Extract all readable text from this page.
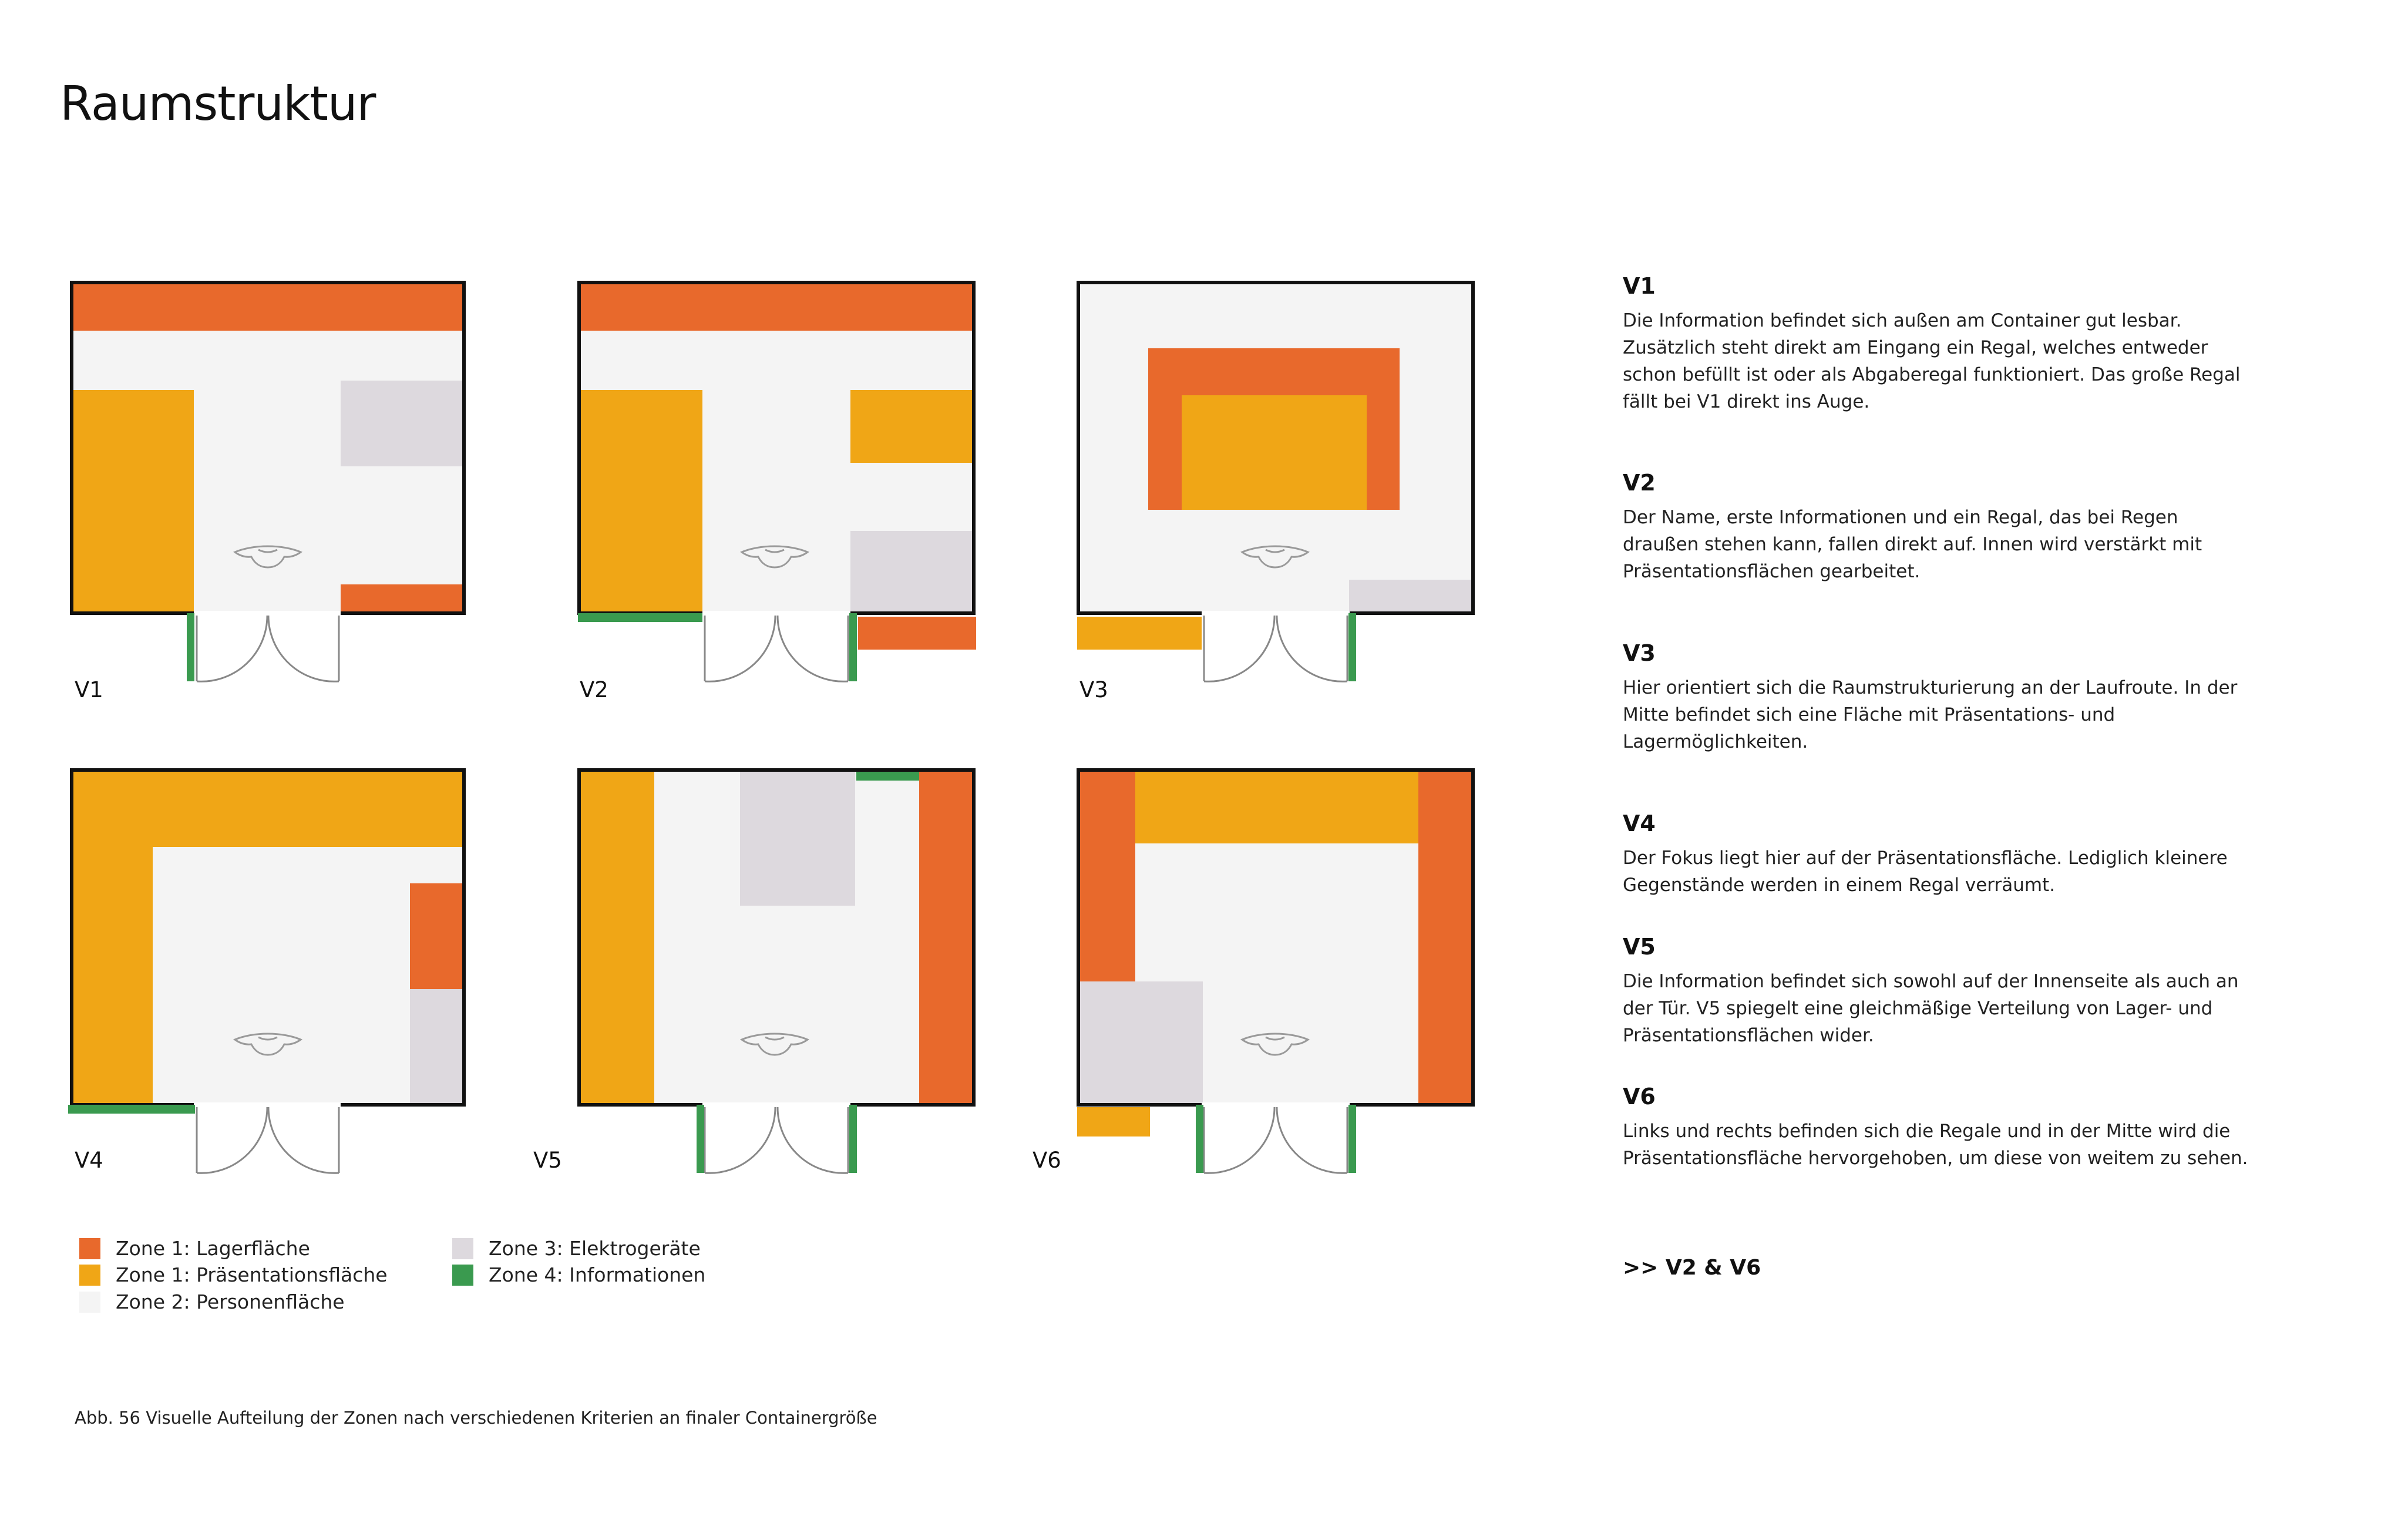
Raumstruktur
V1	V2	V3
V4	V5	V6
Zone 1: Lagerfläche
Zone 1: Präsentationsfläche
Zone 2: Personenfläche
Zone 3: Elektrogeräte
Zone 4: Informationen
V1

Die Information befindet sich außen am Container gut lesbar. Zusätzlich steht direkt am Eingang ein Regal, welches entweder schon befüllt ist oder als Abgaberegal funktioniert. Das große Regal fällt bei V1 direkt ins Auge.

V2

Der Name, erste Informationen und ein Regal, das bei Regen draußen stehen kann, fallen direkt auf. Innen wird verstärkt mit Präsentationsflächen gearbeitet.

V3

Hier orientiert sich die Raumstrukturierung an der Laufroute. In der Mitte befindet sich eine Fläche mit Präsentations- und Lagermöglichkeiten.

V4

Der Fokus liegt hier auf der Präsentationsfläche. Lediglich kleinere Gegenstände werden in einem Regal verräumt.

V5

Die Information befindet sich sowohl auf der Innenseite als auch an der Tür. V5 spiegelt eine gleichmäßige Verteilung von Lager- und Präsentationsflächen wider.

V6

Links und rechts befinden sich die Regale und in der Mitte wird die Präsentationsfläche hervorgehoben, um diese von weitem zu sehen.

>> V2 & V6
Abb. 56 Visuelle Aufteilung der Zonen nach verschiedenen Kriterien an finaler Containergröße
